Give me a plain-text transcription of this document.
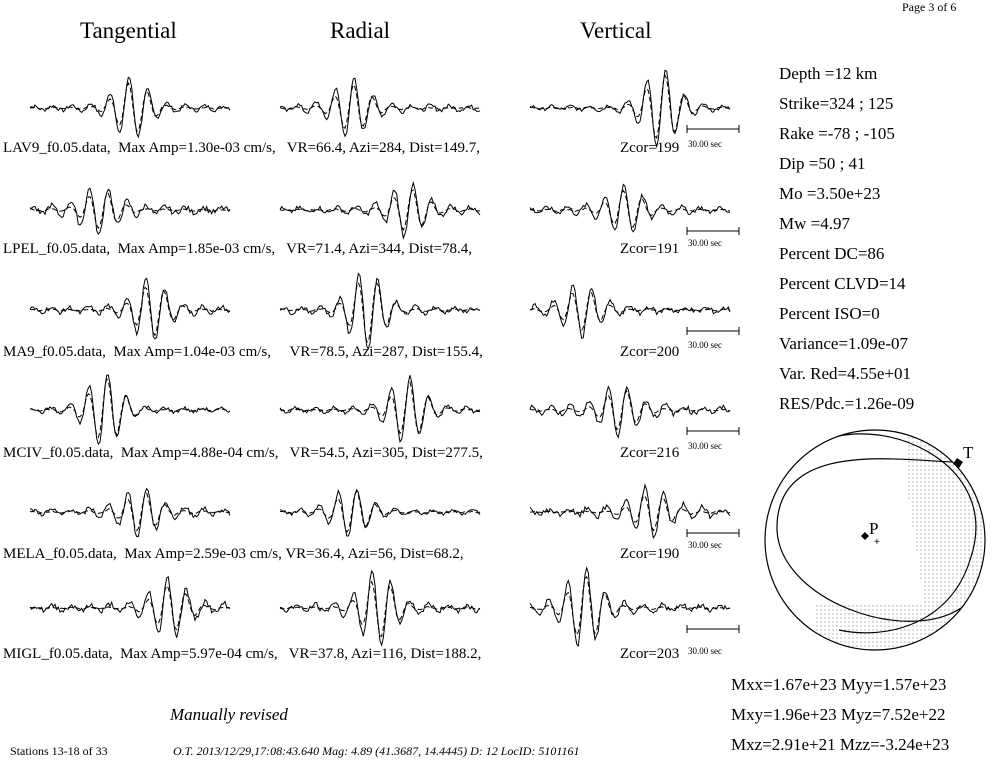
Page 3 of 6
Tangential	Radial	Vertical
LAV9_f0.05.data,  Max Amp=1.30e-03 cm/s, VR=66.4, Azi=284, Dist=149.7,	Zcor=199
LPEL_f0.05.data,  Max Amp=1.85e-03 cm/s, VR=71.4, Azi=344, Dist=78.4,	Zcor=191
MA9_f0.05.data,  Max Amp=1.04e-03 cm/s, VR=78.5, Azi=287, Dist=155.4,	Zcor=200
MCIV_f0.05.data,  Max Amp=4.88e-04 cm/s, VR=54.5, Azi=305, Dist=277.5,	Zcor=216
MELA_f0.05.data,  Max Amp=2.59e-03 cm/s, VR=36.4, Azi=56, Dist=68.2,	Zcor=190
MIGL_f0.05.data,  Max Amp=5.97e-04 cm/s, VR=37.8, Azi=116, Dist=188.2,	Zcor=203
30.00 sec
30.00 sec
30.00 sec
30.00 sec
30.00 sec
30.00 sec
Depth =12 km
Strike=324 ; 125
Rake =-78 ; -105
Dip =50 ; 41
Mo =3.50e+23
Mw =4.97
Percent DC=86
Percent CLVD=14
Percent ISO=0
Variance=1.09e-07
Var. Red=4.55e+01
RES/Pdc.=1.26e-09
T
P
+
Mxx=1.67e+23 Myy=1.57e+23
Mxy=1.96e+23 Myz=7.52e+22
Mxz=2.91e+21 Mzz=-3.24e+23
Manually revised
Stations 13-18 of 33	O.T. 2013/12/29,17:08:43.640 Mag: 4.89 (41.3687, 14.4445) D: 12 LocID: 5101161
